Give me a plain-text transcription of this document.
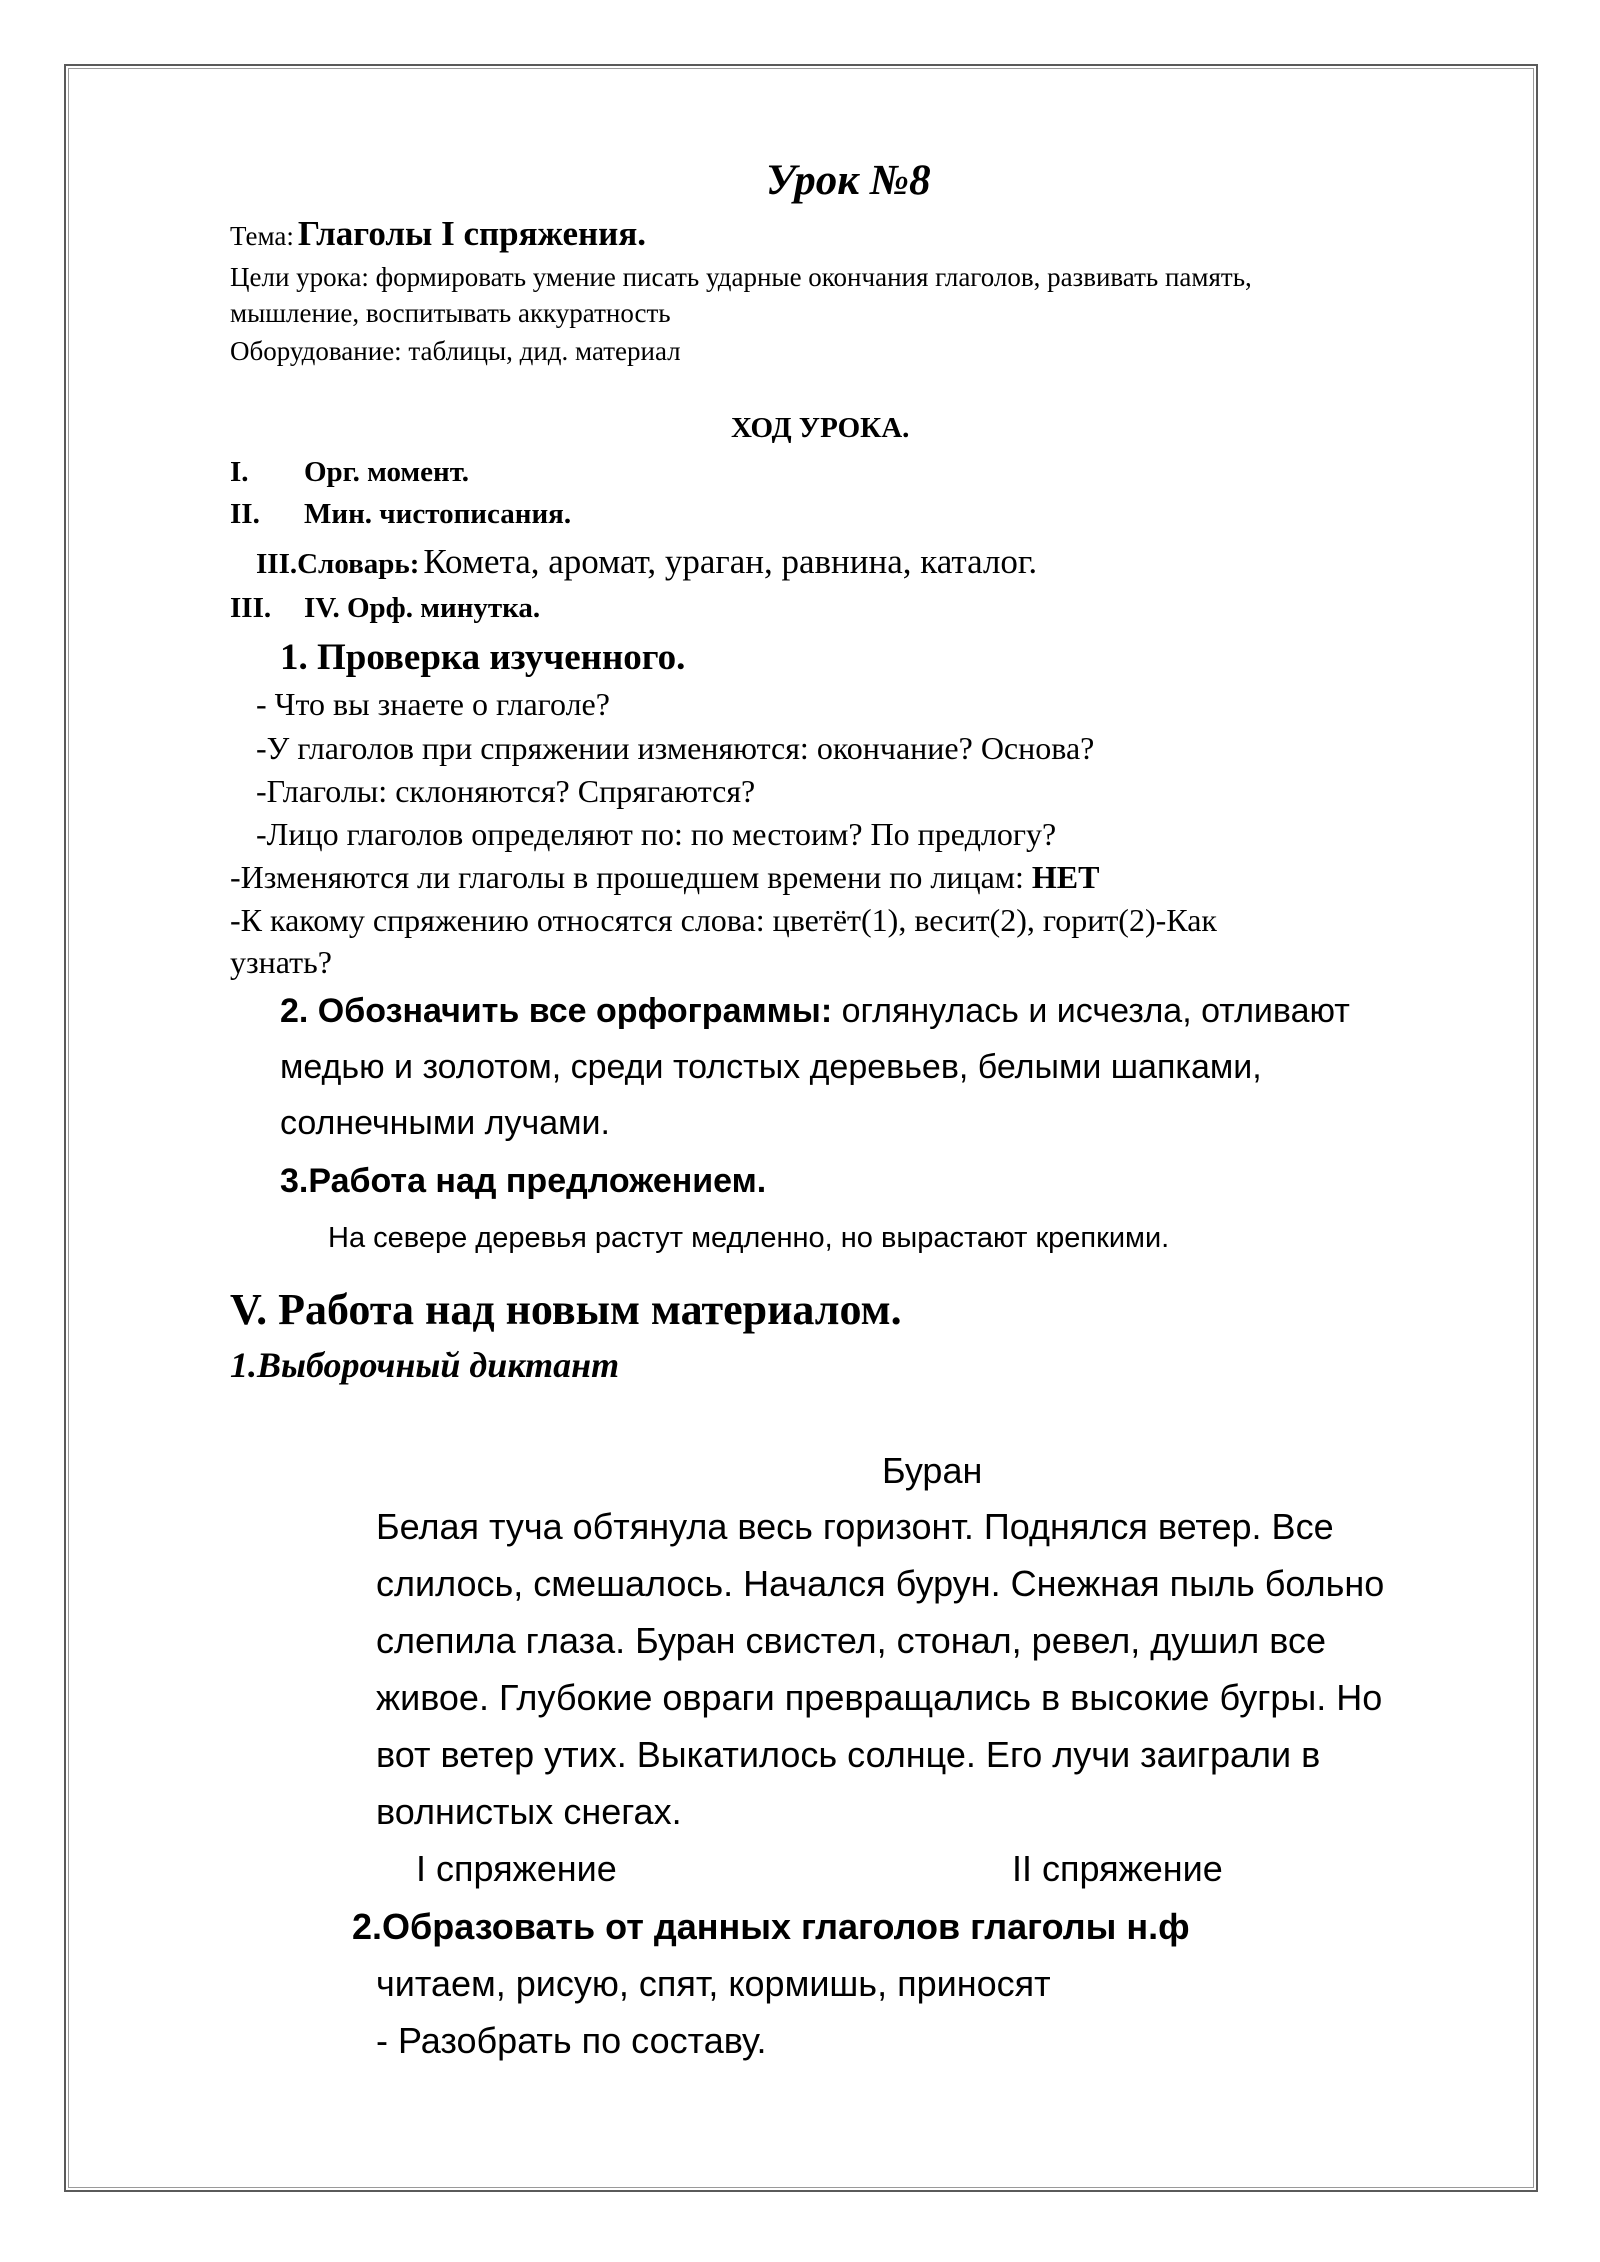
Урок №8
Тема: Глаголы I спряжения.
Цели урока: формировать умение писать ударные окончания глаголов, развивать память,
мышление, воспитывать аккуратность
Оборудование: таблицы, дид. материал
ХОД УРОКА.
I. Орг. момент.
II. Мин. чистописания.
III.Словарь: Комета, аромат, ураган, равнина, каталог.
III. IV. Орф. минутка.
1. Проверка изученного.
- Что вы знаете о глаголе?
-У глаголов при спряжении изменяются: окончание? Основа?
-Глаголы: склоняются? Спрягаются?
-Лицо глаголов определяют по: по местоим? По предлогу?
-Изменяются ли глаголы в прошедшем времени по лицам: НЕТ
-К какому спряжению относятся слова: цветёт(1), весит(2), горит(2)-Как
узнать?
2. Обозначить все орфограммы: оглянулась и исчезла, отливают
медью и золотом, среди толстых деревьев, белыми шапками,
солнечными лучами.
3.Работа над предложением.
На севере деревья растут медленно, но вырастают крепкими.
V. Работа над новым материалом.
1.Выборочный диктант
Буран
Белая туча обтянула весь горизонт. Поднялся ветер. Все
слилось, смешалось. Начался бурун. Снежная пыль больно
слепила глаза. Буран свистел, стонал, ревел, душил все
живое. Глубокие овраги превращались в высокие бугры. Но
вот ветер утих. Выкатилось солнце. Его лучи заиграли в
волнистых снегах.
I спряжение	II спряжение
2.Образовать от данных глаголов глаголы н.ф
читаем, рисую, спят, кормишь, приносят
- Разобрать по составу.
